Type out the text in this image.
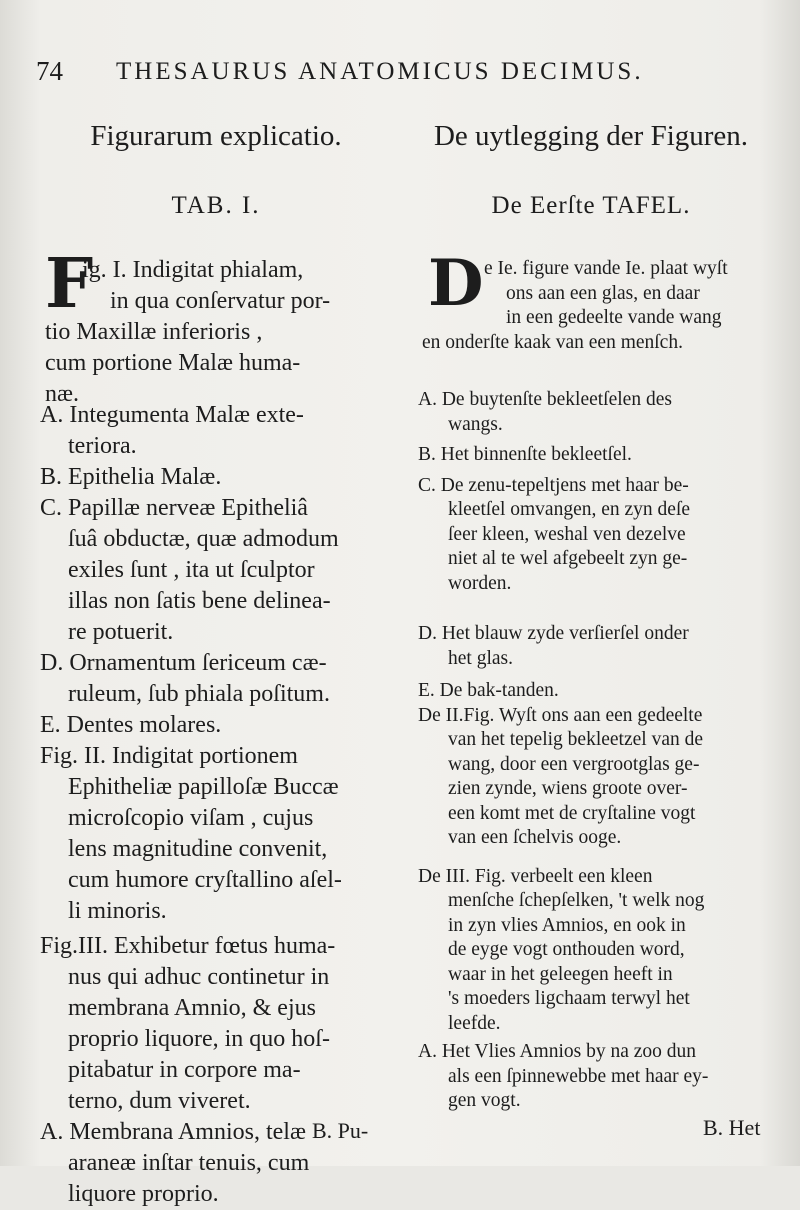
74 THESAURUS ANATOMICUS DECIMUS.
Figurarum explicatio.
TAB. I.
F
ig. I. Indigitat phialam,
in qua conſervatur por-
tio Maxillæ inferioris ,
cum portione Malæ huma-
næ.
A. Integumenta Malæ exte-
teriora.
B. Epithelia Malæ.
C. Papillæ nerveæ Epitheliâ
ſuâ obductæ, quæ admodum
exiles ſunt , ita ut ſculptor
illas non ſatis bene delinea-
re potuerit.
D. Ornamentum ſericeum cæ-
ruleum, ſub phiala poſitum.
E. Dentes molares.
Fig. II. Indigitat portionem
Ephitheliæ papilloſæ Buccæ
microſcopio viſam , cujus
lens magnitudine convenit,
cum humore cryſtallino aſel-
li minoris.
Fig.III. Exhibetur fœtus huma-
nus qui adhuc continetur in
membrana Amnio, & ejus
proprio liquore, in quo hoſ-
pitabatur in corpore ma-
terno, dum viveret.
A. Membrana Amnios, telæ
araneæ inſtar tenuis, cum
liquore proprio.
De uytlegging der Figuren.
De Eerſte TAFEL.
D e Ie. figure vande Ie. plaat wyſt
ons aan een glas, en daar
in een gedeelte vande wang
en onderſte kaak van een menſch.
A. De buytenſte bekleetſelen des
wangs.
B. Het binnenſte bekleetſel.
C. De zenu-tepeltjens met haar be-
kleetſel omvangen, en zyn deſe
ſeer kleen, weshal ven dezelve
niet al te wel afgebeelt zyn ge-
worden.
D. Het blauw zyde verſierſel onder
het glas.
E. De bak-tanden.
De II.Fig. Wyſt ons aan een gedeelte
van het tepelig bekleetzel van de
wang, door een vergrootglas ge-
zien zynde, wiens groote over-
een komt met de cryſtaline vogt
van een ſchelvis ooge.
De III. Fig. verbeelt een kleen
menſche ſchepſelken, 't welk nog
in zyn vlies Amnios, en ook in
de eyge vogt onthouden word,
waar in het geleegen heeft in
's moeders ligchaam terwyl het
leefde.
A. Het Vlies Amnios by na zoo dun
als een ſpinnewebbe met haar ey-
gen vogt.
B. Pu-	B. Het
